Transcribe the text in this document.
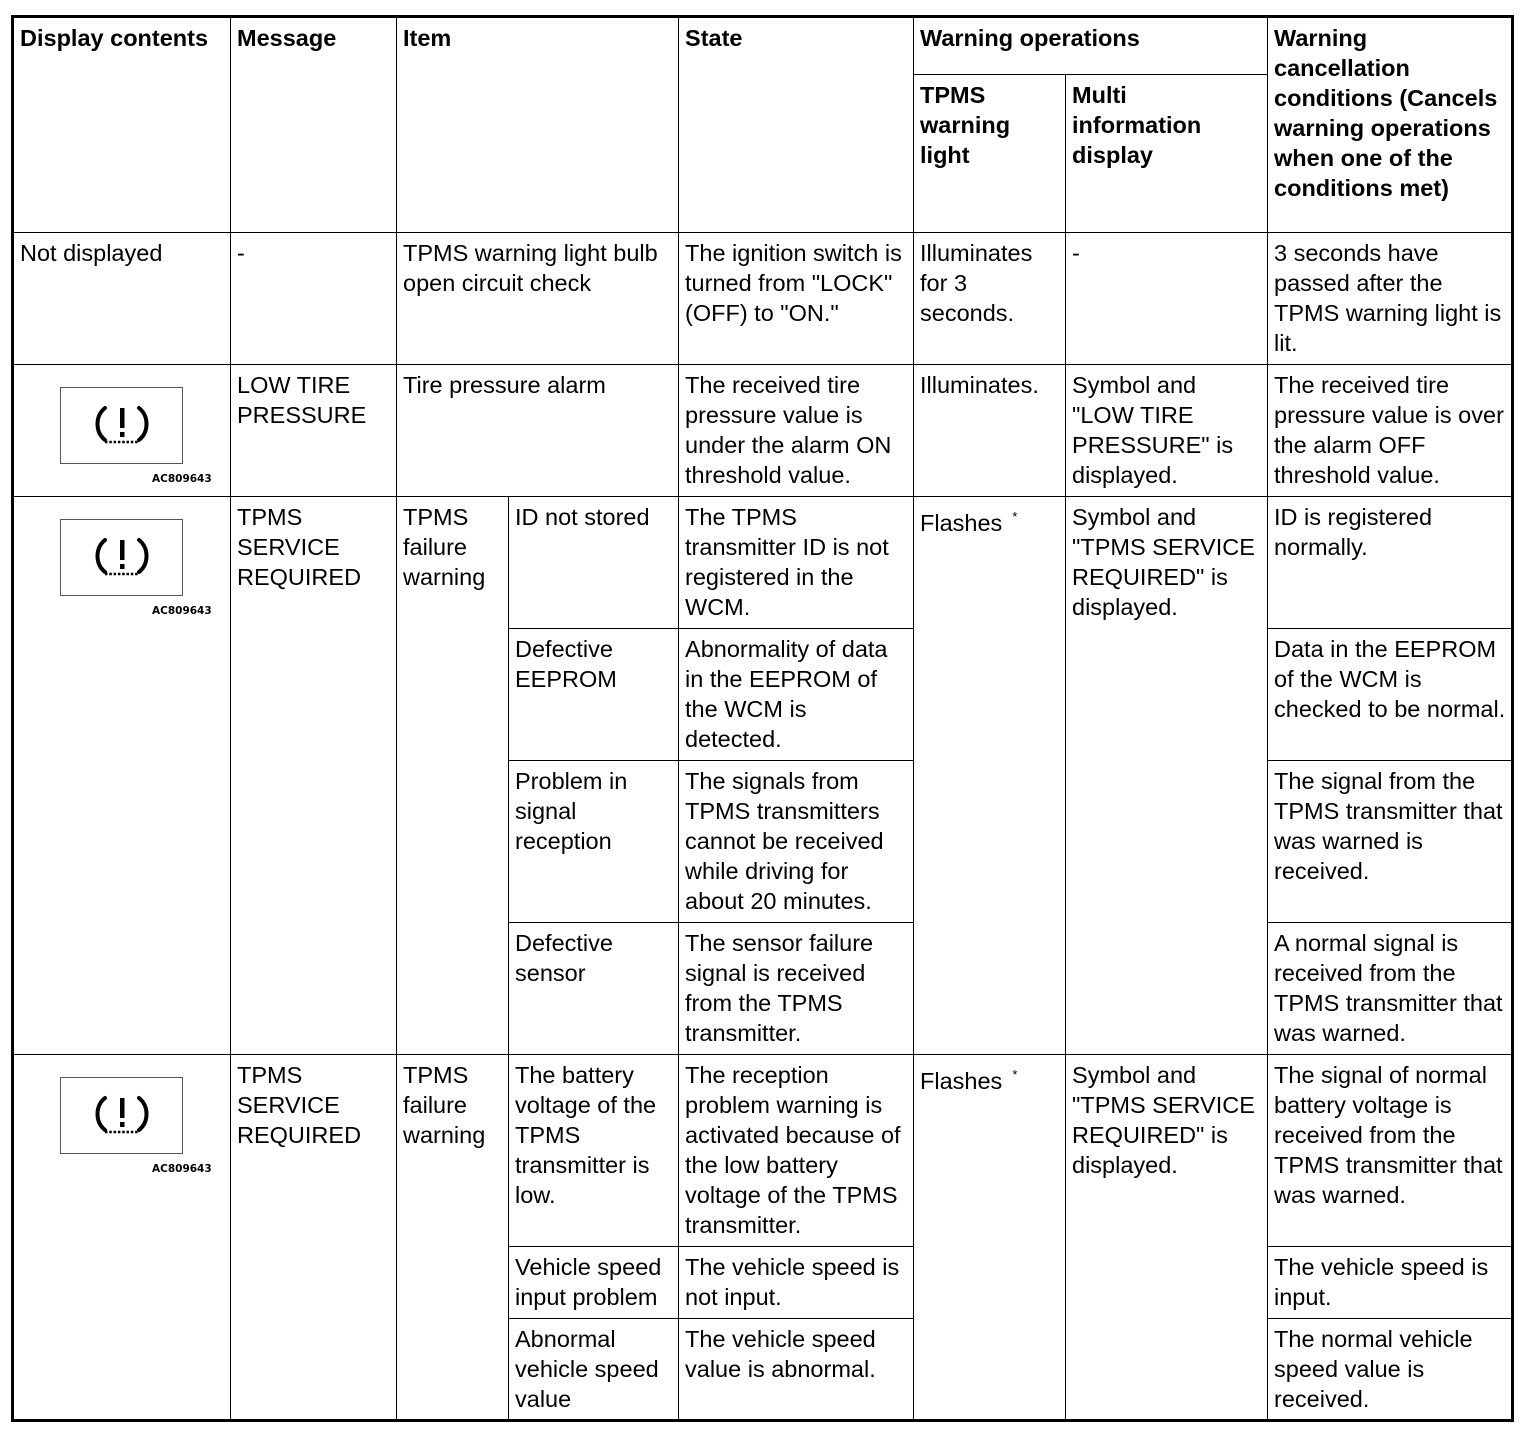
Display contents	Message	Item		State	Warning operations		Warning cancellation conditions (Cancels warning operations when one of the conditions met)
					TPMS warning light	Multi information display	
Not displayed	-	TPMS warning light bulb open circuit check		The ignition switch is turned from "LOCK" (OFF) to "ON."	Illuminates for 3 seconds.	-	3 seconds have passed after the TPMS warning light is lit.

AC809643	LOW TIRE PRESSURE	Tire pressure alarm		The received tire pressure value is under the alarm ON threshold value.	Illuminates.	Symbol and "LOW TIRE PRESSURE" is displayed.	The received tire pressure value is over the alarm OFF threshold value.

AC809643	TPMS SERVICE REQUIRED	TPMS failure warning	ID not stored	The TPMS transmitter ID is not registered in the WCM.	Flashes *	Symbol and "TPMS SERVICE REQUIRED" is displayed.	ID is registered normally.
			Defective EEPROM	Abnormality of data in the EEPROM of the WCM is detected.			Data in the EEPROM of the WCM is checked to be normal.
			Problem in signal reception	The signals from TPMS transmitters cannot be received while driving for about 20 minutes.			The signal from the TPMS transmitter that was warned is received.
			Defective sensor	The sensor failure signal is received from the TPMS transmitter.			A normal signal is received from the TPMS transmitter that was warned.

AC809643	TPMS SERVICE REQUIRED	TPMS failure warning	The battery voltage of the TPMS transmitter is low.	The reception problem warning is activated because of the low battery voltage of the TPMS transmitter.	Flashes *	Symbol and "TPMS SERVICE REQUIRED" is displayed.	The signal of normal battery voltage is received from the TPMS transmitter that was warned.
			Vehicle speed input problem	The vehicle speed is not input.			The vehicle speed is input.
			Abnormal vehicle speed value	The vehicle speed value is abnormal.			The normal vehicle speed value is received.
